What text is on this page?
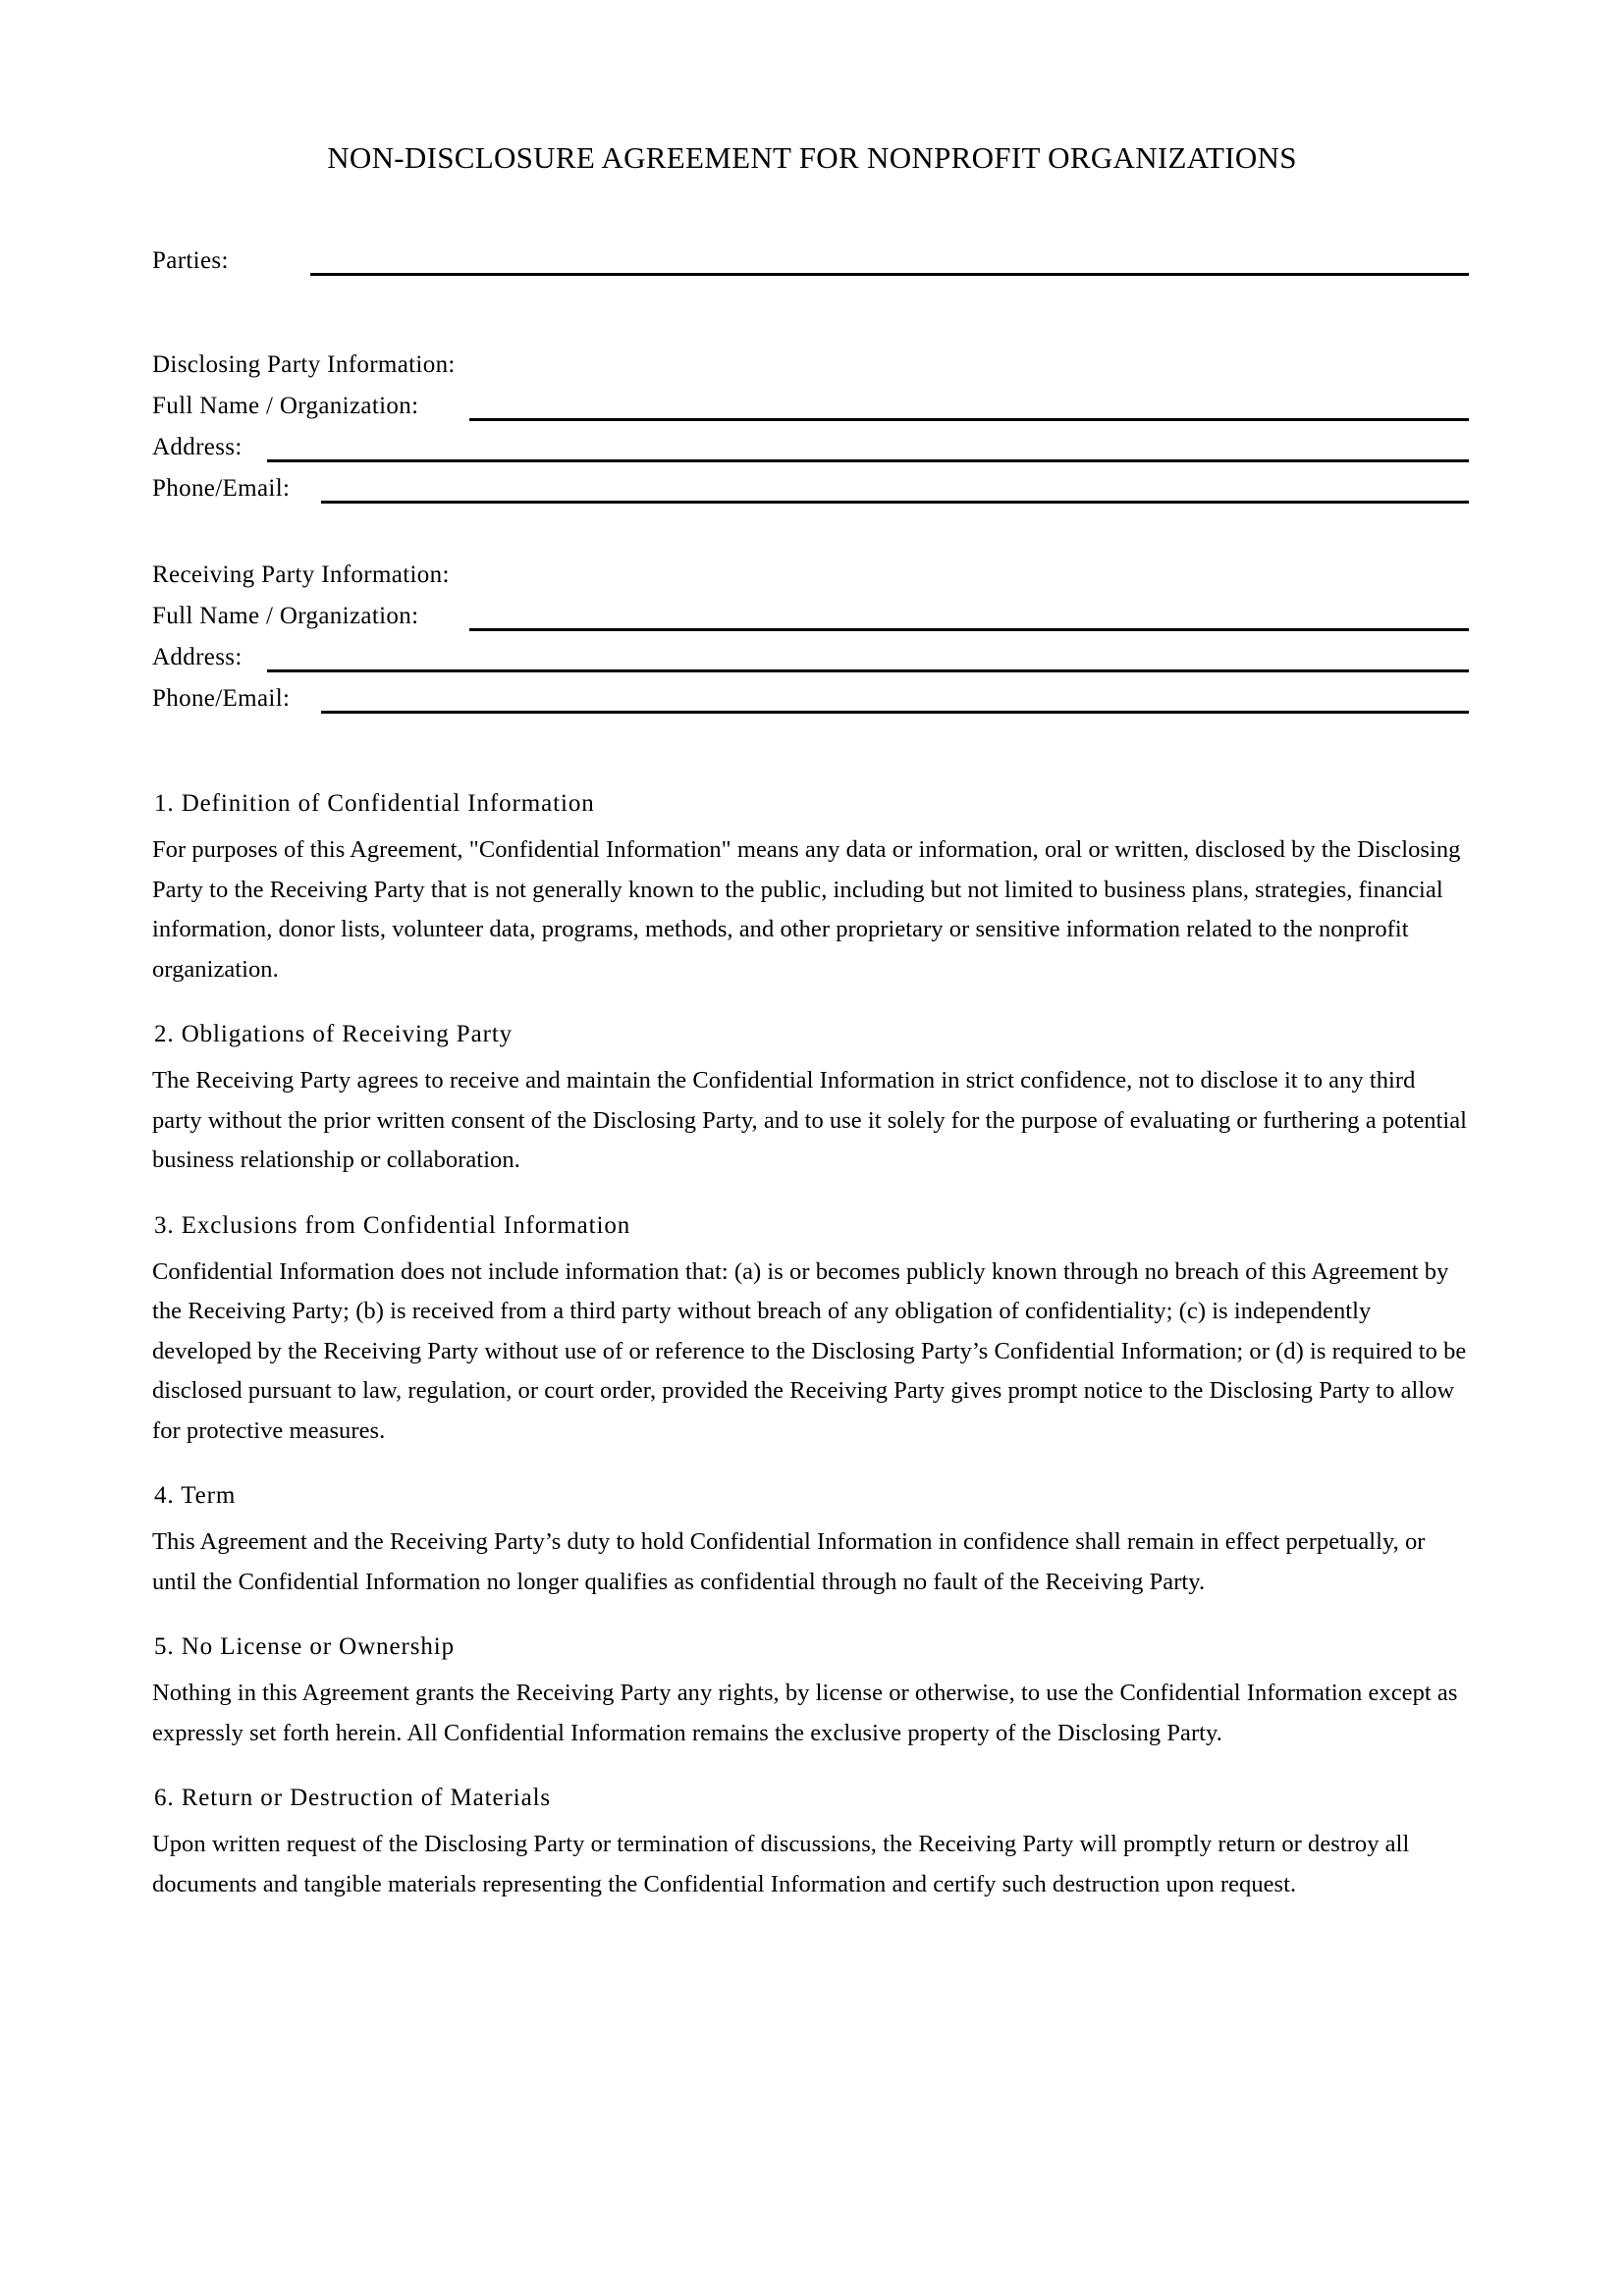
NON-DISCLOSURE AGREEMENT FOR NONPROFIT ORGANIZATIONS
Parties:
Disclosing Party Information:
Full Name / Organization:
Address:
Phone/Email:
Receiving Party Information:
Full Name / Organization:
Address:
Phone/Email:
1. Definition of Confidential Information

For purposes of this Agreement, "Confidential Information" means any data or information, oral or written, disclosed by the Disclosing Party to the Receiving Party that is not generally known to the public, including but not limited to business plans, strategies, financial information, donor lists, volunteer data, programs, methods, and other proprietary or sensitive information related to the nonprofit organization.

2. Obligations of Receiving Party

The Receiving Party agrees to receive and maintain the Confidential Information in strict confidence, not to disclose it to any third party without the prior written consent of the Disclosing Party, and to use it solely for the purpose of evaluating or furthering a potential business relationship or collaboration.

3. Exclusions from Confidential Information

Confidential Information does not include information that: (a) is or becomes publicly known through no breach of this Agreement by the Receiving Party; (b) is received from a third party without breach of any obligation of confidentiality; (c) is independently developed by the Receiving Party without use of or reference to the Disclosing Party’s Confidential Information; or (d) is required to be disclosed pursuant to law, regulation, or court order, provided the Receiving Party gives prompt notice to the Disclosing Party to allow for protective measures.

4. Term

This Agreement and the Receiving Party’s duty to hold Confidential Information in confidence shall remain in effect perpetually, or until the Confidential Information no longer qualifies as confidential through no fault of the Receiving Party.

5. No License or Ownership

Nothing in this Agreement grants the Receiving Party any rights, by license or otherwise, to use the Confidential Information except as expressly set forth herein. All Confidential Information remains the exclusive property of the Disclosing Party.

6. Return or Destruction of Materials

Upon written request of the Disclosing Party or termination of discussions, the Receiving Party will promptly return or destroy all documents and tangible materials representing the Confidential Information and certify such destruction upon request.
